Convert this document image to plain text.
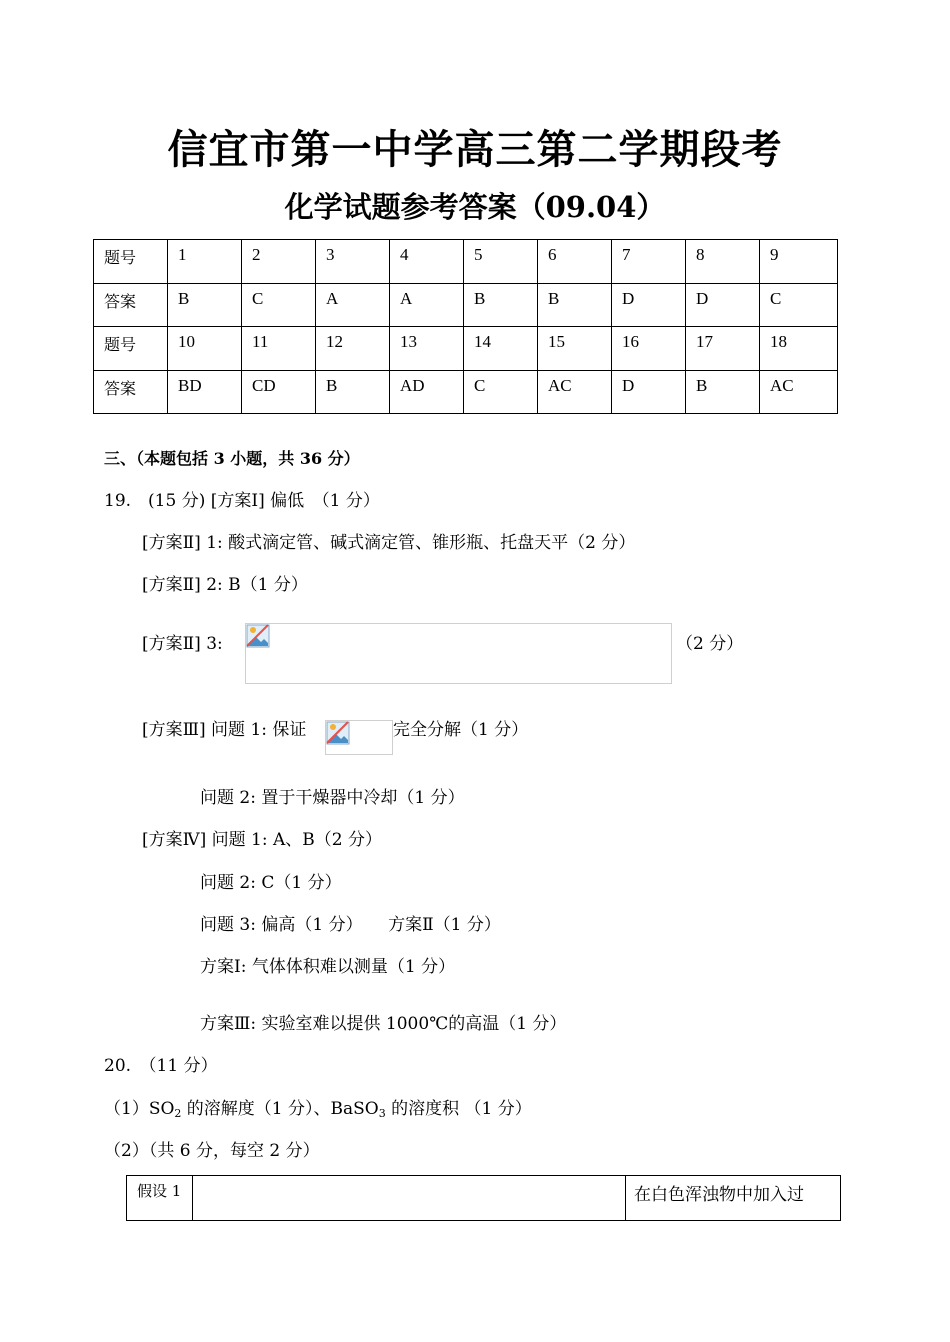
信宜市第一中学高三第二学期段考
化学试题参考答案（09.04）
题号	1	2	3	4	5	6	7	8	9
答案	B	C	A	A	B	B	D	D	C
题号	10	11	12	13	14	15	16	17	18
答案	BD	CD	B	AD	C	AC	D	B	AC
三、（本题包括 3 小题，共 36 分）
19.　(15 分) [方案Ⅰ] 偏低　（1 分）
[方案Ⅱ] 1: 酸式滴定管、碱式滴定管、锥形瓶、托盘天平（2 分）
[方案Ⅱ] 2: B（1 分）
[方案Ⅱ] 3:	（2 分）
[方案Ⅲ] 问题 1: 保证	完全分解（1 分）
问题 2: 置于干燥器中冷却（1 分）
[方案Ⅳ] 问题 1: A、B（2 分）
问题 2: C（1 分）
问题 3: 偏高（1 分）　　方案Ⅱ（1 分）
方案Ⅰ: 气体体积难以测量（1 分）
方案Ⅲ: 实验室难以提供 1000℃的高温（1 分）
20.　（11 分）
$(1)SO_2$ 的溶解度（1 分）、BaSO$_3$ 的溶度积 （1 分）
（2）（共 6 分，每空 2 分）
假设 1		在白色浑浊物中加入过
